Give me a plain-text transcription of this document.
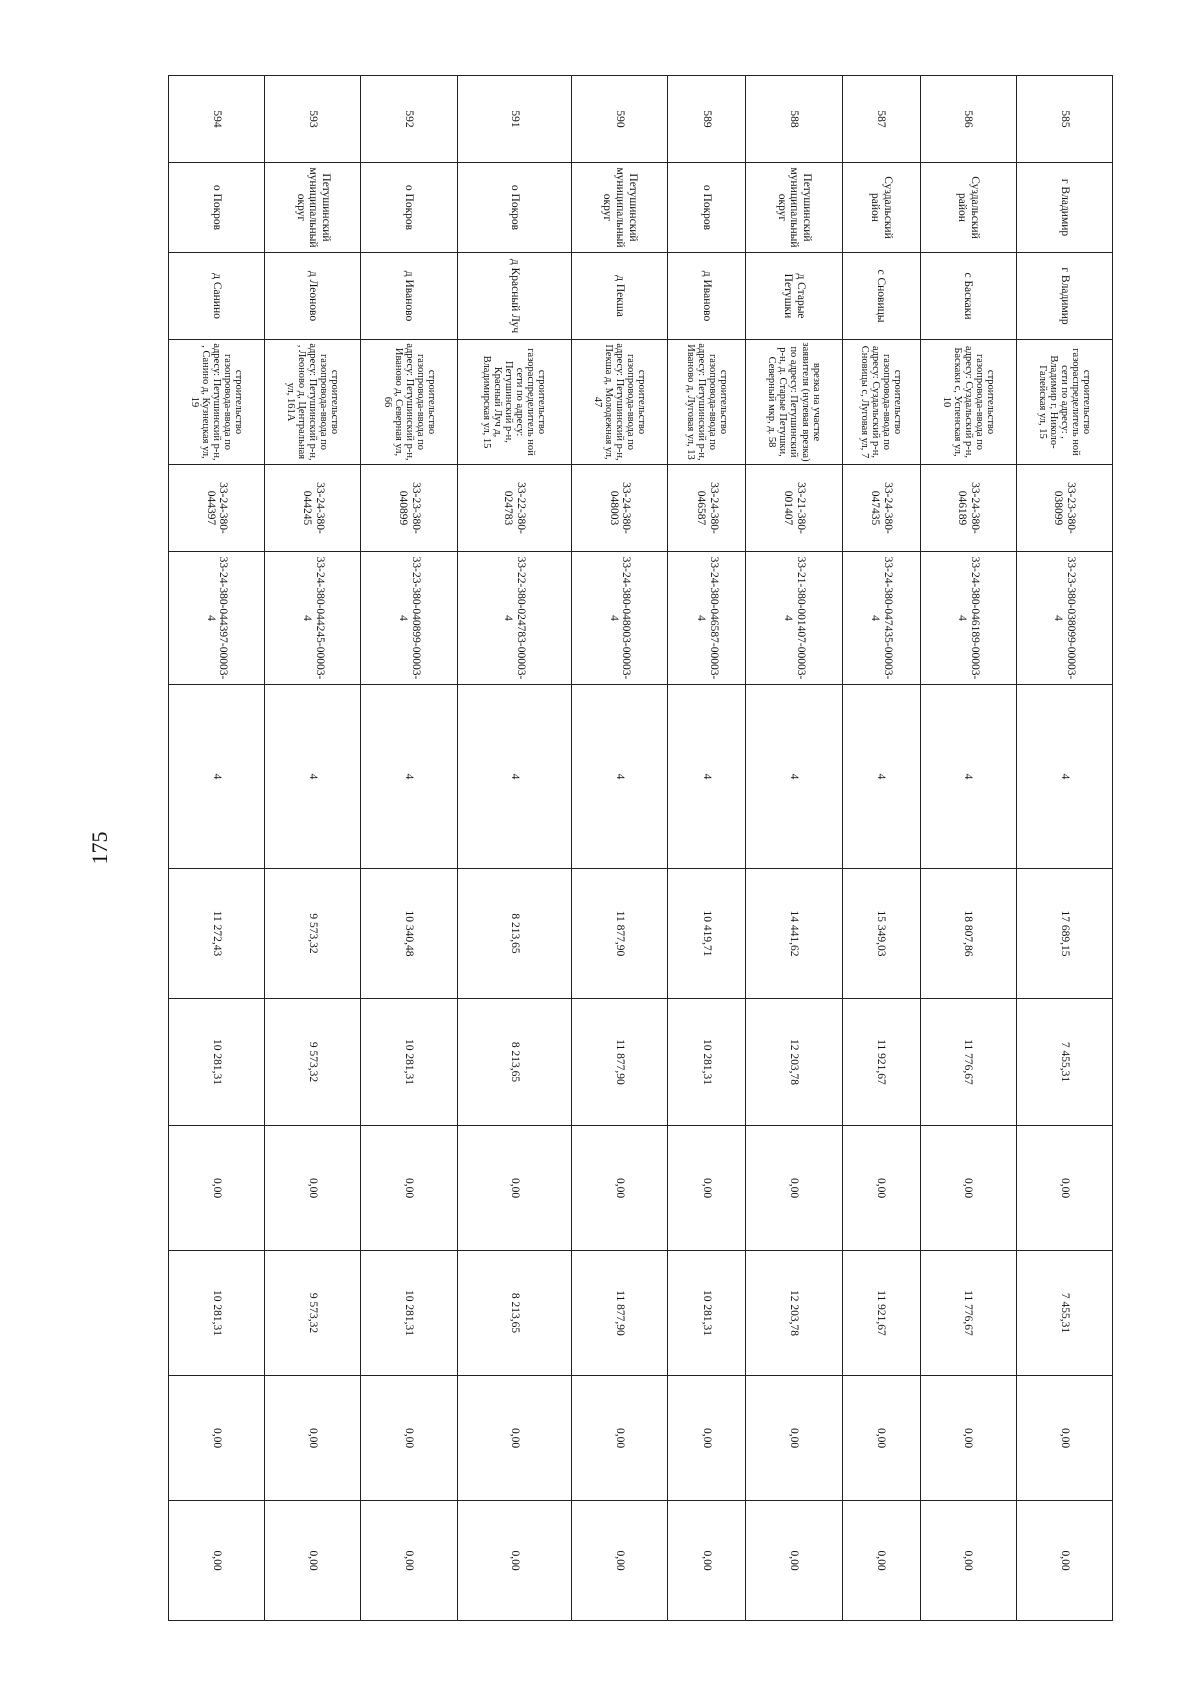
175
585	г Владимир	г Владимир	строительство газораспределитель ной сети по адресу: , Владимир г, Николо-Галейская ул, 15	33-23-380-038099	33-23-380-038099-00003-4	4	17 689,15	7 455,31	0,00	7 455,31	0,00	0,00
586	Суздальский район	с Баскаки	строительство газопровода-ввода по адресу: Суздальский р-н, Баскаки с, Успенская ул, 10	33-24-380-046189	33-24-380-046189-00003-4	4	18 807,86	11 776,67	0,00	11 776,67	0,00	0,00
587	Суздальский район	с Сновицы	строительство газопровода-ввода по адресу: Суздальский р-н, Сновицы с, Луговая ул, 7	33-24-380-047435	33-24-380-047435-00003-4	4	15 349,03	11 921,67	0,00	11 921,67	0,00	0,00
588	Петушинский муниципальный округ	д Старые Петушки	врезка на участке заявителя (нулевая врезка) по адресу: Петушинский р-н, д. Старые Петушки, Северный мкр, д. 58	33-21-380-001407	33-21-380-001407-00003-4	4	14 441,62	12 203,78	0,00	12 203,78	0,00	0,00
589	о Покров	д Иваново	строительство газопровода-ввода по адресу: Петушинский р-н, Иваново д, Луговая ул, 13	33-24-380-046587	33-24-380-046587-00003-4	4	10 419,71	10 281,31	0,00	10 281,31	0,00	0,00
590	Петушинский муниципальный округ	д Пекша	строительство газопровода-ввода по адресу: Петушинский р-н, Пекша д, Молодежная ул, 47	33-24-380-048003	33-24-380-048003-00003-4	4	11 877,90	11 877,90	0,00	11 877,90	0,00	0,00
591	о Покров	д Красный Луч	строительство газораспределитель ной сети по адресу: Петушинский р-н, Красный Луч д, Владимирская ул, 15	33-22-380-024783	33-22-380-024783-00003-4	4	8 213,65	8 213,65	0,00	8 213,65	0,00	0,00
592	о Покров	д Иваново	строительство газопровода-ввода по адресу: Петушинский р-н, Иваново д, Северная ул, 66	33-23-380-040899	33-23-380-040899-00003-4	4	10 340,48	10 281,31	0,00	10 281,31	0,00	0,00
593	Петушинский муниципальный округ	д Леоново	строительство газопровода-ввода по адресу: Петушинский р-н, , Леоново д, Центральная ул, 161А	33-24-380-044245	33-24-380-044245-00003-4	4	9 573,32	9 573,32	0,00	9 573,32	0,00	0,00
594	о Покров	д Санино	строительство газопровода-ввода по адресу: Петушинский р-н, , Санино д, Кузнецкая ул, 19	33-24-380-044397	33-24-380-044397-00003-4	4	11 272,43	10 281,31	0,00	10 281,31	0,00	0,00
